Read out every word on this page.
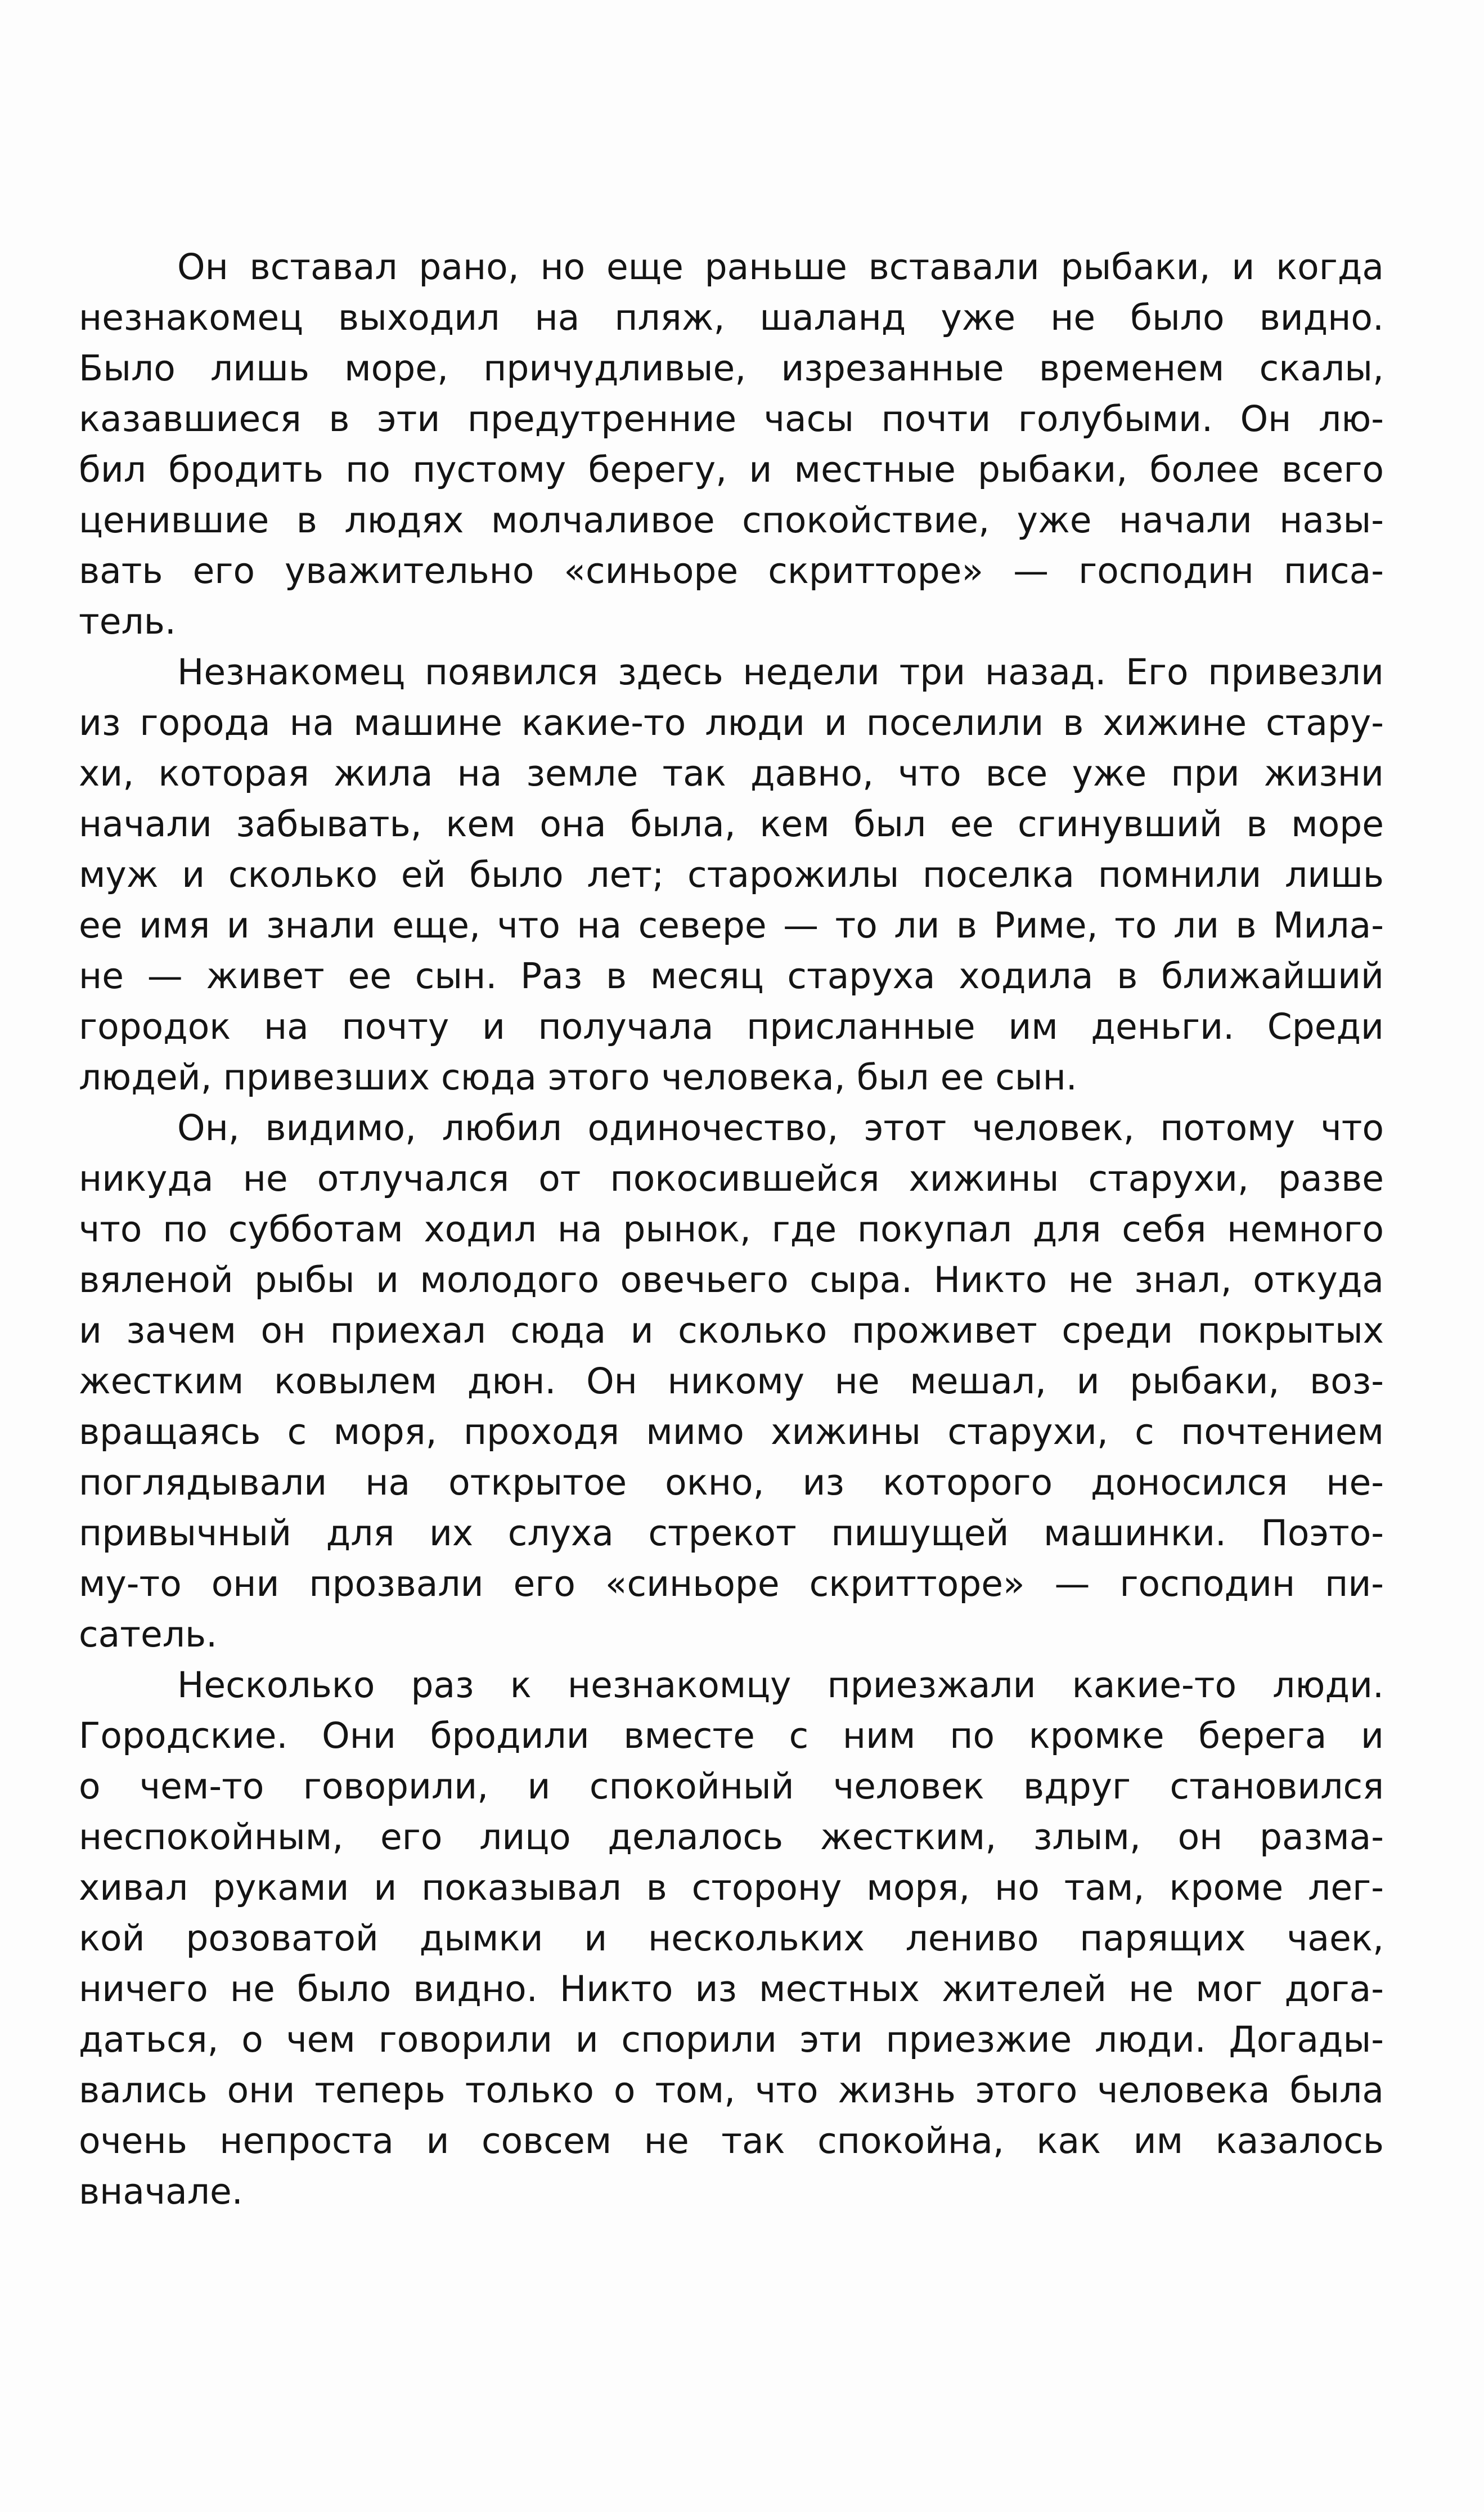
Он вставал рано, но еще раньше вставали рыбаки, и когда
незнакомец выходил на пляж, шаланд уже не было видно.
Было лишь море, причудливые, изрезанные временем скалы,
казавшиеся в эти предутренние часы почти голубыми. Он лю-
бил бродить по пустому берегу, и местные рыбаки, более всего
ценившие в людях молчаливое спокойствие, уже начали назы-
вать его уважительно «синьоре скритторе» — господин писа-
тель.
Незнакомец появился здесь недели три назад. Его привезли
из города на машине какие-то люди и поселили в хижине стару-
хи, которая жила на земле так давно, что все уже при жизни
начали забывать, кем она была, кем был ее сгинувший в море
муж и сколько ей было лет; старожилы поселка помнили лишь
ее имя и знали еще, что на севере — то ли в Риме, то ли в Мила-
не — живет ее сын. Раз в месяц старуха ходила в ближайший
городок на почту и получала присланные им деньги. Среди
людей, привезших сюда этого человека, был ее сын.
Он, видимо, любил одиночество, этот человек, потому что
никуда не отлучался от покосившейся хижины старухи, разве
что по субботам ходил на рынок, где покупал для себя немного
вяленой рыбы и молодого овечьего сыра. Никто не знал, откуда
и зачем он приехал сюда и сколько проживет среди покрытых
жестким ковылем дюн. Он никому не мешал, и рыбаки, воз-
вращаясь с моря, проходя мимо хижины старухи, с почтением
поглядывали на открытое окно, из которого доносился не-
привычный для их слуха стрекот пишущей машинки. Поэто-
му-то они прозвали его «синьоре скритторе» — господин пи-
сатель.
Несколько раз к незнакомцу приезжали какие-то люди.
Городские. Они бродили вместе с ним по кромке берега и
о чем-то говорили, и спокойный человек вдруг становился
неспокойным, его лицо делалось жестким, злым, он разма-
хивал руками и показывал в сторону моря, но там, кроме лег-
кой розоватой дымки и нескольких лениво парящих чаек,
ничего не было видно. Никто из местных жителей не мог дога-
даться, о чем говорили и спорили эти приезжие люди. Догады-
вались они теперь только о том, что жизнь этого человека была
очень непроста и совсем не так спокойна, как им казалось
вначале.
